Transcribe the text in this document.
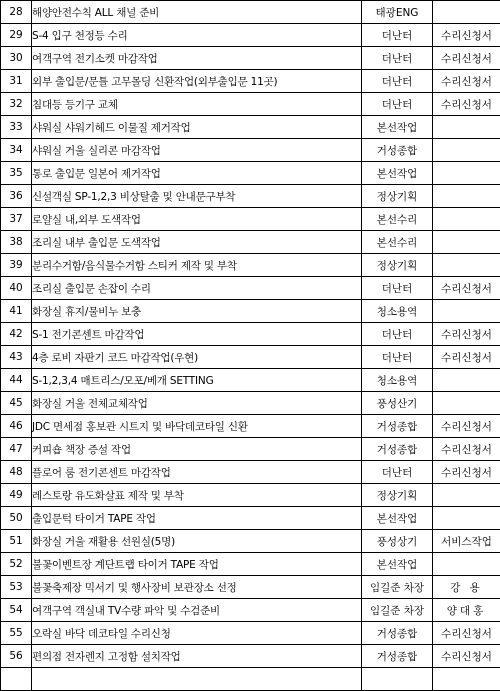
28	해양안전수칙 ALL 채널 준비	태광ENG	
29	S-4 입구 천정등 수리	더난터	수리신청서
30	여객구역 전기소켓 마감작업	더난터	수리신청서
31	외부 출입문/문틀 고무몰딩 신환작업(외부출입문 11곳)	더난터	수리신청서
32	침대등 등기구 교체	더난터	수리신청서
33	샤워실 샤워기헤드 이물질 제거작업	본선작업	
34	샤워실 거울 실리콘 마감작업	거성종합	
35	통로 출입문 일본어 제거작업	본선작업	
36	신설객실 SP-1,2,3 비상탈출 및 안내문구부착	정상기획	
37	로얄실 내,외부 도색작업	본선수리	
38	조리실 내부 출입문 도색작업	본선수리	
39	분리수거함/음식물수거함 스티커 제작 및 부착	정상기획	
40	조리실 출입문 손잡이 수리	더난터	수리신청서
41	화장실 휴지/물비누 보충	청소용역	
42	S-1 전기콘센트 마감작업	더난터	수리신청서
43	4층 로비 자판기 코드 마감작업(우현)	더난터	수리신청서
44	S-1,2,3,4 매트리스/모포/베개 SETTING	청소용역	
45	화장실 거울 전체교체작업	풍성산기	
46	JDC 면세점 홍보관 시트지 및 바닥데코타일 신환	거성종합	수리신청서
47	커피숍 책장 증설 작업	거성종합	수리신청서
48	플로어 룸 전기콘센트 마감작업	더난터	수리신청서
49	레스토랑 유도화살표 제작 및 부착	정상기획	
50	출입문턱 타이거 TAPE 작업	본선작업	
51	화장실 거울 재활용 선원실(5명)	풍성상기	서비스작업
52	불꽃이벤트장 계단트랩 타이거 TAPE 작업	본선작업	
53	불꽃축제장 믹서기 및 행사장비 보관장소 선정	임길준 차장	강 용
54	여객구역 객실내 TV수량 파악 및 수검준비	임길준 차장	양대홍
55	오락실 바닥 데코타일 수리신청	거성종합	수리신청서
56	편의점 전자렌지 고정함 설치작업	거성종합	수리신청서
